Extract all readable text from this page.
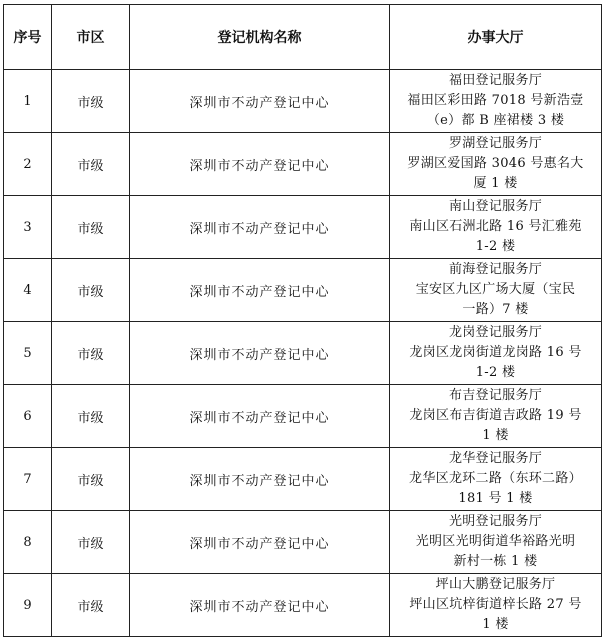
序号	市区	登记机构名称	办事大厅
1	市级	深圳市不动产登记中心	福田登记服务厅
福田区彩田路 7018 号新浩壹
（e）都 B 座裙楼 3 楼

2	市级	深圳市不动产登记中心	罗湖登记服务厅
罗湖区爱国路 3046 号惠名大
厦 1 楼

3	市级	深圳市不动产登记中心	南山登记服务厅
南山区石洲北路 16 号汇雅苑
1-2 楼

4	市级	深圳市不动产登记中心	前海登记服务厅
宝安区九区广场大厦（宝民
一路）7 楼

5	市级	深圳市不动产登记中心	龙岗登记服务厅
龙岗区龙岗街道龙岗路 16 号
1-2 楼

6	市级	深圳市不动产登记中心	布吉登记服务厅
龙岗区布吉街道吉政路 19 号
1 楼

7	市级	深圳市不动产登记中心	龙华登记服务厅
龙华区龙环二路（东环二路）
181 号 1 楼

8	市级	深圳市不动产登记中心	光明登记服务厅
光明区光明街道华裕路光明
新村一栋 1 楼

9	市级	深圳市不动产登记中心	坪山大鹏登记服务厅
坪山区坑梓街道梓长路 27 号
1 楼
